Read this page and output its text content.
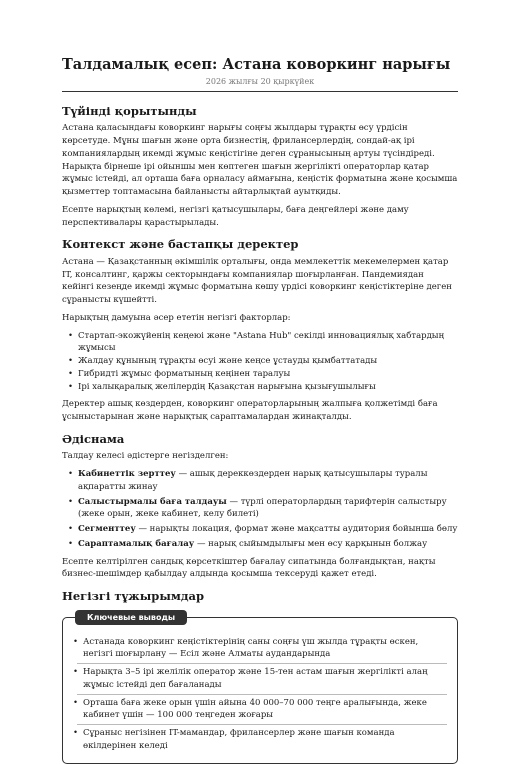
Талдамалық есеп: Астана коворкинг нарығы
2026 жылғы 20 қыркүйек
Түйінді қорытынды

Астана қаласындағы коворкинг нарығы соңғы жылдары тұрақты өсу үрдісін көрсетуде. Мұны шағын және орта бизнестің, фрилансерлердің, сондай-ақ ірі компаниялардың икемді жұмыс кеңістігіне деген сұранысының артуы түсіндіреді. Нарықта бірнеше ірі ойыншы мен көптеген шағын жергілікті операторлар қатар жұмыс істейді, ал орташа баға орналасу аймағына, кеңістік форматына және қосымша қызметтер топтамасына байланысты айтарлықтай ауытқиды.

Есепте нарықтың көлемі, негізгі қатысушылары, баға деңгейлері және даму перспективалары қарастырылады.

Контекст және бастапқы деректер

Астана — Қазақстанның әкімшілік орталығы, онда мемлекеттік мекемелермен қатар IT, консалтинг, қаржы секторындағы компаниялар шоғырланған. Пандемиядан кейінгі кезеңде икемді жұмыс форматына көшу үрдісі коворкинг кеңістіктеріне деген сұранысты күшейтті.

Нарықтың дамуына әсер ететін негізгі факторлар:

• Стартап-экожүйенің кеңеюі және "Astana Hub" секілді инновациялық хабтардың жұмысы
• Жалдау құнының тұрақты өсуі және кеңсе ұстауды қымбаттатады
• Гибридті жұмыс форматының кеңінен таралуы
• Ірі халықаралық желілердің Қазақстан нарығына қызығушылығы

Деректер ашық көздерден, коворкинг операторларының жалпыға қолжетімді баға ұсыныстарынан және нарықтық сараптамалардан жинақталды.

Әдіснама

Талдау келесі әдістерге негізделген:

• Кабинеттік зерттеу — ашық дереккөздерден нарық қатысушылары туралы ақпаратты жинау
• Салыстырмалы баға талдауы — түрлі операторлардың тарифтерін салыстыру (жеке орын, жеке кабинет, келу билеті)
• Сегменттеу — нарықты локация, формат және мақсатты аудитория бойынша бөлу
• Сараптамалық бағалау — нарық сыйымдылығы мен өсу қарқынын болжау

Есепте келтірілген сандық көрсеткіштер бағалау сипатында болғандықтан, нақты бизнес-шешімдер қабылдау алдында қосымша тексеруді қажет етеді.

Негізгі тұжырымдар
Ключевые выводы
• Астанада коворкинг кеңістіктерінің саны соңғы үш жылда тұрақты өскен, негізгі шоғырлану — Есіл және Алматы аудандарында
• Нарықта 3–5 ірі желілік оператор және 15-тен астам шағын жергілікті алаң жұмыс істейді деп бағаланады
• Орташа баға жеке орын үшін айына 40 000–70 000 теңге аралығында, жеке кабинет үшін — 100 000 теңгеден жоғары
• Сұраныс негізінен IT-мамандар, фрилансерлер және шағын команда өкілдерінен келеді
